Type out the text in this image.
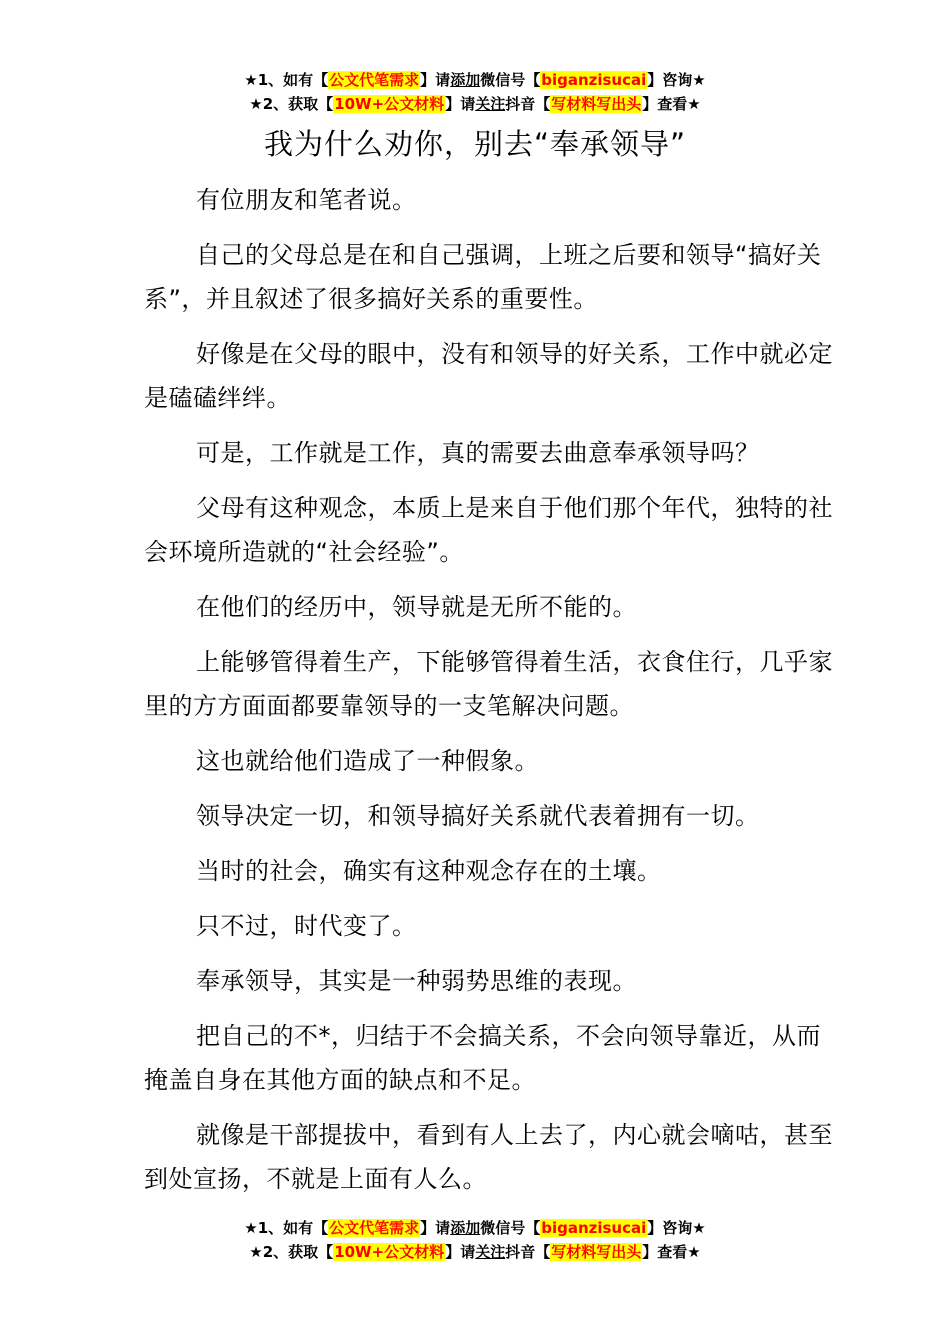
★1、如有【公文代笔需求】请添加微信号【biganzisucai】咨询★
★2、获取【10W+公文材料】请关注抖音【写材料写出头】查看★
我为什么劝你，别去“奉承领导”

有位朋友和笔者说。

自己的父母总是在和自己强调，上班之后要和领导“搞好关系”，并且叙述了很多搞好关系的重要性。

好像是在父母的眼中，没有和领导的好关系，工作中就必定是磕磕绊绊。

可是，工作就是工作，真的需要去曲意奉承领导吗？

父母有这种观念，本质上是来自于他们那个年代，独特的社会环境所造就的“社会经验”。

在他们的经历中，领导就是无所不能的。

上能够管得着生产，下能够管得着生活，衣食住行，几乎家里的方方面面都要靠领导的一支笔解决问题。

这也就给他们造成了一种假象。

领导决定一切，和领导搞好关系就代表着拥有一切。

当时的社会，确实有这种观念存在的土壤。

只不过，时代变了。

奉承领导，其实是一种弱势思维的表现。

把自己的不*，归结于不会搞关系，不会向领导靠近，从而掩盖自身在其他方面的缺点和不足。

就像是干部提拔中，看到有人上去了，内心就会嘀咕，甚至到处宣扬，不就是上面有人么。

★1、如有【公文代笔需求】请添加微信号【biganzisucai】咨询★
★2、获取【10W+公文材料】请关注抖音【写材料写出头】查看★
